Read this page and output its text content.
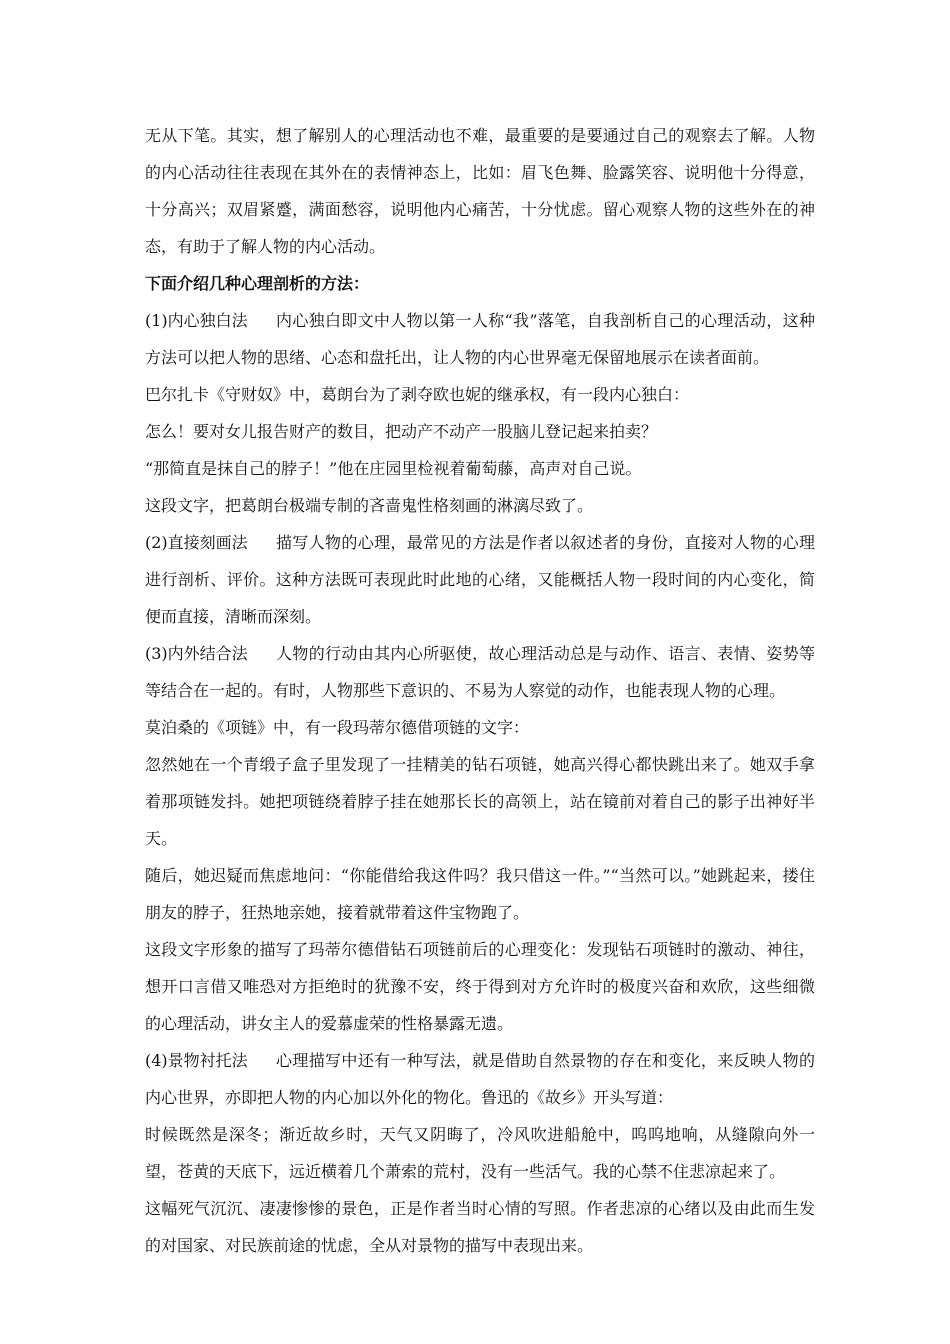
无从下笔。其实，想了解别人的心理活动也不难，最重要的是要通过自己的观察去了解。人物的内心活动往往表现在其外在的表情神态上，比如：眉飞色舞、脸露笑容、说明他十分得意，十分高兴；双眉紧蹙，满面愁容，说明他内心痛苦，十分忧虑。留心观察人物的这些外在的神态，有助于了解人物的内心活动。

下面介绍几种心理剖析的方法：

(1)内心独白法 内心独白即文中人物以第一人称“我”落笔，自我剖析自己的心理活动，这种方法可以把人物的思绪、心态和盘托出，让人物的内心世界毫无保留地展示在读者面前。

巴尔扎卡《守财奴》中，葛朗台为了剥夺欧也妮的继承权，有一段内心独白：

怎么！要对女儿报告财产的数目，把动产不动产一股脑儿登记起来拍卖？

“那简直是抹自己的脖子！”他在庄园里检视着葡萄藤，高声对自己说。

这段文字，把葛朗台极端专制的吝啬鬼性格刻画的淋漓尽致了。

(2)直接刻画法 描写人物的心理，最常见的方法是作者以叙述者的身份，直接对人物的心理进行剖析、评价。这种方法既可表现此时此地的心绪，又能概括人物一段时间的内心变化，简便而直接，清晰而深刻。

(3)内外结合法 人物的行动由其内心所驱使，故心理活动总是与动作、语言、表情、姿势等等结合在一起的。有时，人物那些下意识的、不易为人察觉的动作，也能表现人物的心理。

莫泊桑的《项链》中，有一段玛蒂尔德借项链的文字：

忽然她在一个青缎子盒子里发现了一挂精美的钻石项链，她高兴得心都快跳出来了。她双手拿着那项链发抖。她把项链绕着脖子挂在她那长长的高领上，站在镜前对着自己的影子出神好半天。

随后，她迟疑而焦虑地问：“你能借给我这件吗？我只借这一件。”“当然可以。”她跳起来，搂住朋友的脖子，狂热地亲她，接着就带着这件宝物跑了。

这段文字形象的描写了玛蒂尔德借钻石项链前后的心理变化：发现钻石项链时的激动、神往，想开口言借又唯恐对方拒绝时的犹豫不安，终于得到对方允许时的极度兴奋和欢欣，这些细微的心理活动，讲女主人的爱慕虚荣的性格暴露无遗。

(4)景物衬托法 心理描写中还有一种写法，就是借助自然景物的存在和变化，来反映人物的内心世界，亦即把人物的内心加以外化的物化。鲁迅的《故乡》开头写道：

时候既然是深冬；渐近故乡时，天气又阴晦了，冷风吹进船舱中，呜呜地响，从缝隙向外一望，苍黄的天底下，远近横着几个萧索的荒村，没有一些活气。我的心禁不住悲凉起来了。

这幅死气沉沉、凄凄惨惨的景色，正是作者当时心情的写照。作者悲凉的心绪以及由此而生发的对国家、对民族前途的忧虑，全从对景物的描写中表现出来。
